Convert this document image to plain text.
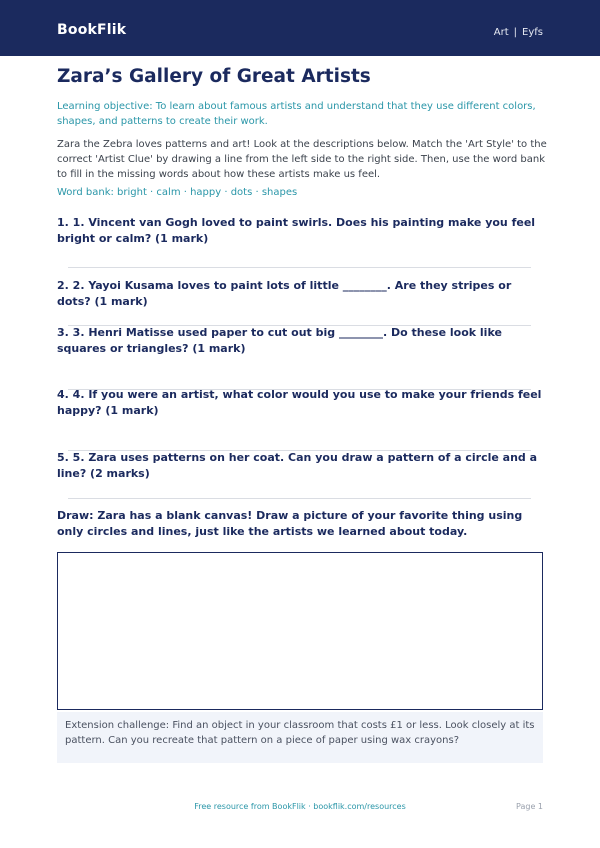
BookFlik	Art | Eyfs
Zara’s Gallery of Great Artists
Learning objective: To learn about famous artists and understand that they use different colors, shapes, and patterns to create their work.
Zara the Zebra loves patterns and art! Look at the descriptions below. Match the 'Art Style' to the correct 'Artist Clue' by drawing a line from the left side to the right side. Then, use the word bank to fill in the missing words about how these artists make us feel.
Word bank: bright · calm · happy · dots · shapes
1. 1. Vincent van Gogh loved to paint swirls. Does his painting make you feel bright or calm? (1 mark)
2. 2. Yayoi Kusama loves to paint lots of little ________. Are they stripes or dots? (1 mark)
3. 3. Henri Matisse used paper to cut out big ________. Do these look like squares or triangles? (1 mark)
4. 4. If you were an artist, what color would you use to make your friends feel happy? (1 mark)
5. 5. Zara uses patterns on her coat. Can you draw a pattern of a circle and a line? (2 marks)
Draw: Zara has a blank canvas! Draw a picture of your favorite thing using only circles and lines, just like the artists we learned about today.
Extension challenge: Find an object in your classroom that costs £1 or less. Look closely at its pattern. Can you recreate that pattern on a piece of paper using wax crayons?
Free resource from BookFlik · bookflik.com/resources	Page 1
